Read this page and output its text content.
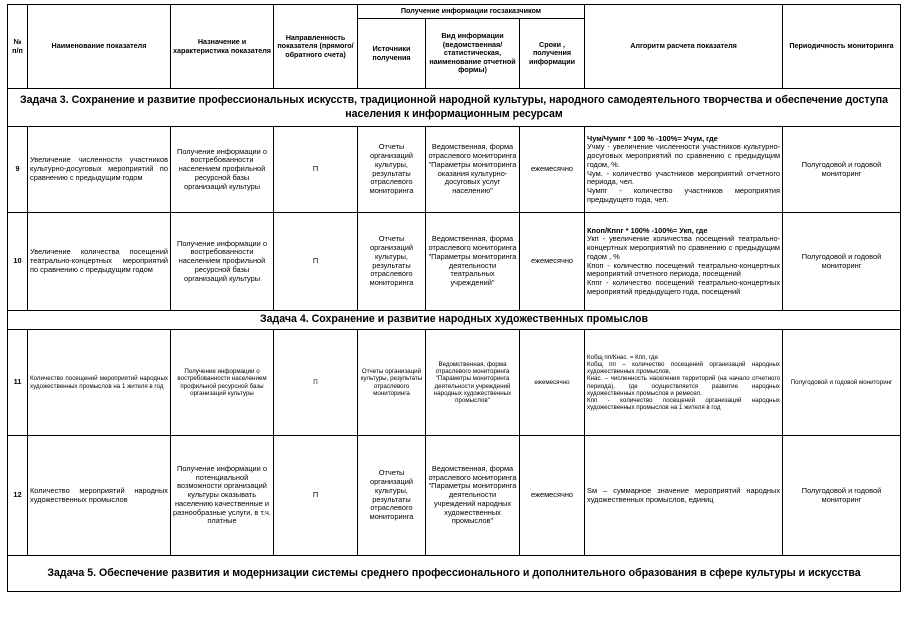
№ п/п	Наименование показателя	Назначение и характеристика показателя	Направленность показателя (прямого/ обратного счета)	Получение информации госзаказчиком			Алгоритм расчета показателя	Периодичность мониторинга
				Источники получения	Вид информации (ведомственная/ статистическая, наименование отчетной формы)	Сроки , получения информации		
Задача 3. Сохранение и развитие профессиональных искусств, традиционной народной культуры, народного самодеятельного творчества и обеспечение доступа населения к информационным ресурсам								
9	Увеличение численности участников культурно-досуговых мероприятий по сравнению с предыдущим годом	Получение информации о востребованности населением профильной ресурсной базы организаций культуры	П	Отчеты организаций культуры, результаты отраслевого мониторинга	Ведомственная, форма отраслевого мониторинга "Параметры мониторинга оказания культурно-досуговых услуг населению"	ежемесячно	Чум/Чумпг * 100 % -100%= Учум, где
Учму - увеличение численности участников культурно-досуговых мероприятий по сравнению с предыдущим годом, %.
Чум. - количество участников мероприятий отчетного периода, чел.
Чумпг - количество участников мероприятия предыдущего года, чел.	Полугодовой и годовой мониторинг
10	Увеличение количества посещений театрально-концертных мероприятий по сравнению с предыдущим годом	Получение информации о востребованности населением профильной ресурсной базы организаций культуры	П	Отчеты организаций культуры, результаты отраслевого мониторинга	Ведомственная, форма отраслевого мониторинга "Параметры мониторинга деятельности театральных учреждений"	ежемесячно	Кпоп/Кпnг * 100% -100%= Укп, где
Укп - увеличение количества посещений театрально-концертных мероприятий по сравнению с предыдущим годом , %
Кпоп - количество посещений театрально-концертных мероприятий отчетного периода, посещений
Кппг - количество посещений театрально-концертных мероприятий предыдущего года, посещений	Полугодовой и годовой мониторинг
Задача 4. Сохранение и развитие народных художественных промыслов								
11	Количество посещений мероприятий народных художественных промыслов на 1 жителя в год	Получение информации о востребованности населением профильной ресурсной базы организаций культуры	П	Отчеты организаций культуры, результаты отраслевого мониторинга	Ведомственная, форма отраслевого мониторинга "Параметры мониторинга деятельности учреждений народных художественных промыслов"	ежемесячно	Кобщ пп/Кнас. = Кпп, где
Кобщ пп – количество посещений организаций народных художественных промыслов,
Кнас. – численность населения территорий (на начало отчетного периода), где осуществляется развитие народных художественных промыслов и ремесел.
Кпп - количество посещений организаций народных художественных промыслов на 1 жителя в год	Полугодовой и годовой мониторинг
12	Количество мероприятий народных художественных промыслов	Получение информации о потенциальной возможности организаций культуры оказывать населению качественные и разнообразные услуги, в т.ч. платные	П	Отчеты организаций культуры, результаты отраслевого мониторинга	Ведомственная, форма отраслевого мониторинга "Параметры мониторинга деятельности учреждений народных художественных промыслов"	ежемесячно	Sм – суммарное значение мероприятий народных художественных промыслов, единиц	Полугодовой и годовой мониторинг
Задача 5. Обеспечение развития и модернизации системы среднего профессионального и дополнительного образования в сфере культуры и искусства								
